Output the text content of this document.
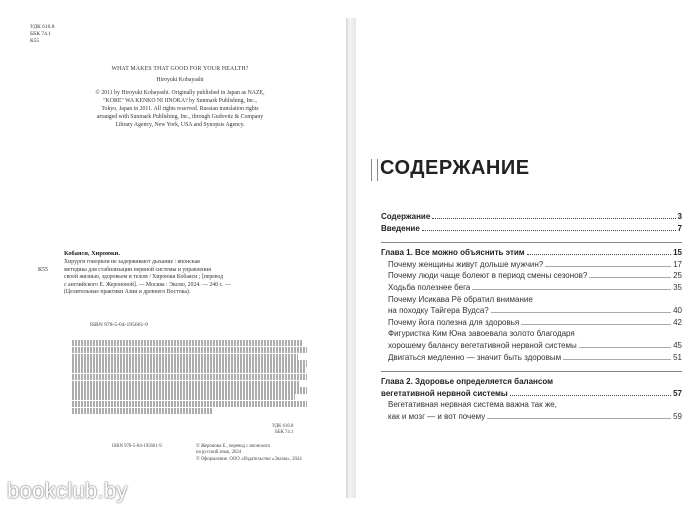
УДК 616.8
ББК 74.1
К55
WHAT MAKES THAT GOOD FOR YOUR HEALTH?
Hiroyuki Kobayashi
© 2011 by Hiroyuki Kobayashi. Originally published in Japan as NAZE,
"KORE" WA KENKO NI IINOKA? by Sunmark Publishing, Inc.,
Tokyo, Japan in 2011. All rights reserved. Russian translation rights
arranged with Sunmark Publishing, Inc., through Gudovitz & Company
Library Agency, New York, USA and Synopsis Agency.
Кобаяси, Хироюки.
К55
Хирурги говорили не задерживают дыхание : японская
методика для стабилизации нервной системы и управления
своей жизнью, здоровьем и телом / Хироюки Кобаяси ; [перевод
с английского Е. Жероновой]. — Москва : Эксмо, 2024. — 240 с. —
(Целительные практики Азии и древнего Востока).
ISBN 978-5-04-195661-9
УДК 616.8
ББК 74.1
ISBN 978-5-04-195661-9	© Жеронова Е., перевод с японского
на русский язык, 2024
© Оформление. ООО «Издательство «Эксмо», 2024
bookclub.by
СОДЕРЖАНИЕ
Содержание	3
Введение	7
Глава 1. Все можно объяснить этим	15
Почему женщины живут дольше мужчин?	17
Почему люди чаще болеют в период смены сезонов?	25
Ходьба полезнее бега	35
Почему Исикава Рё обратил внимание
на походку Тайгера Вудса?	40
Почему йога полезна для здоровья	42
Фигуристка Ким Юна завоевала золото благодаря
хорошему балансу вегетативной нервной системы	45
Двигаться медленно — значит быть здоровым	51
Глава 2. Здоровье определяется балансом
вегетативной нервной системы	57
Вегетативная нервная система важна так же,
как и мозг — и вот почему	59
